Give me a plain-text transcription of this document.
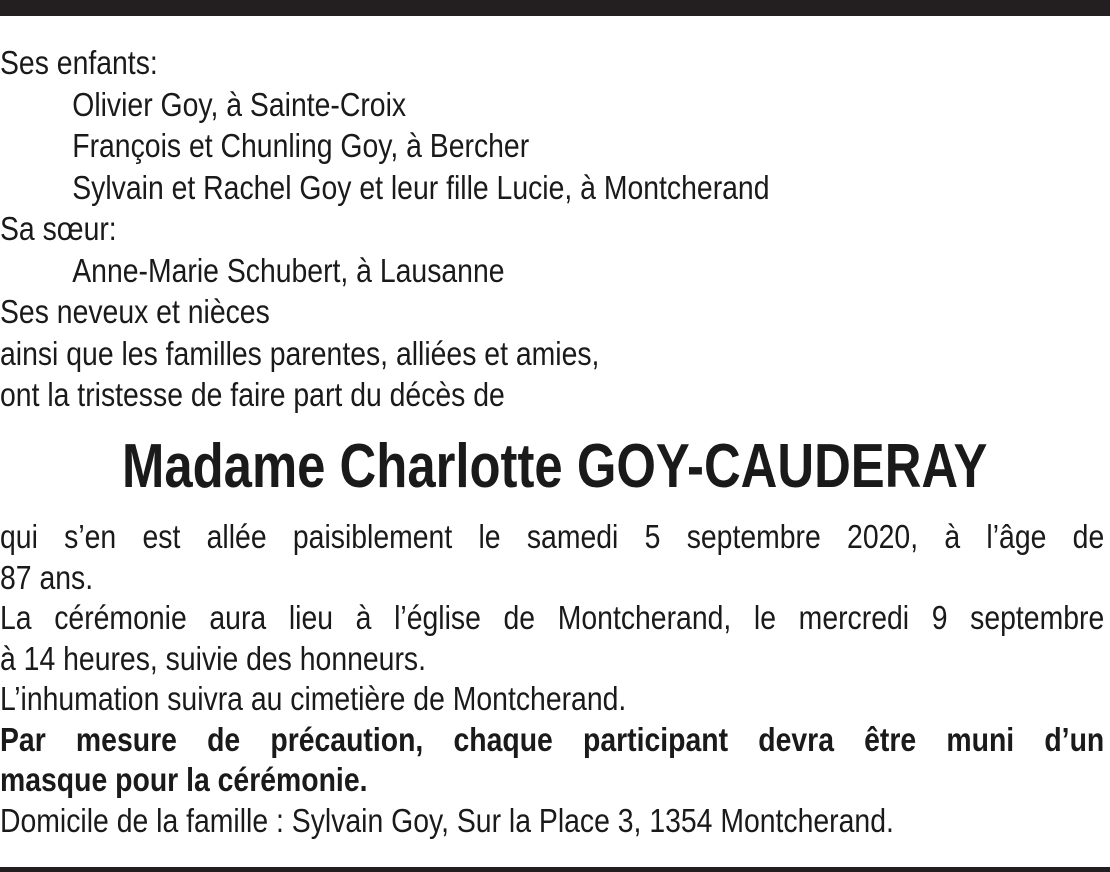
Ses enfants:
Olivier Goy, à Sainte-Croix
François et Chunling Goy, à Bercher
Sylvain et Rachel Goy et leur fille Lucie, à Montcherand
Sa sœur:
Anne-Marie Schubert, à Lausanne
Ses neveux et nièces
ainsi que les familles parentes, alliées et amies,
ont la tristesse de faire part du décès de
Madame Charlotte GOY-CAUDERAY
qui s’en est allée paisiblement le samedi 5 septembre 2020, à l’âge de
87 ans.
La cérémonie aura lieu à l’église de Montcherand, le mercredi 9 septembre
à 14 heures, suivie des honneurs.
L’inhumation suivra au cimetière de Montcherand.
Par mesure de précaution, chaque participant devra être muni d’un
masque pour la cérémonie.
Domicile de la famille : Sylvain Goy, Sur la Place 3, 1354 Montcherand.
